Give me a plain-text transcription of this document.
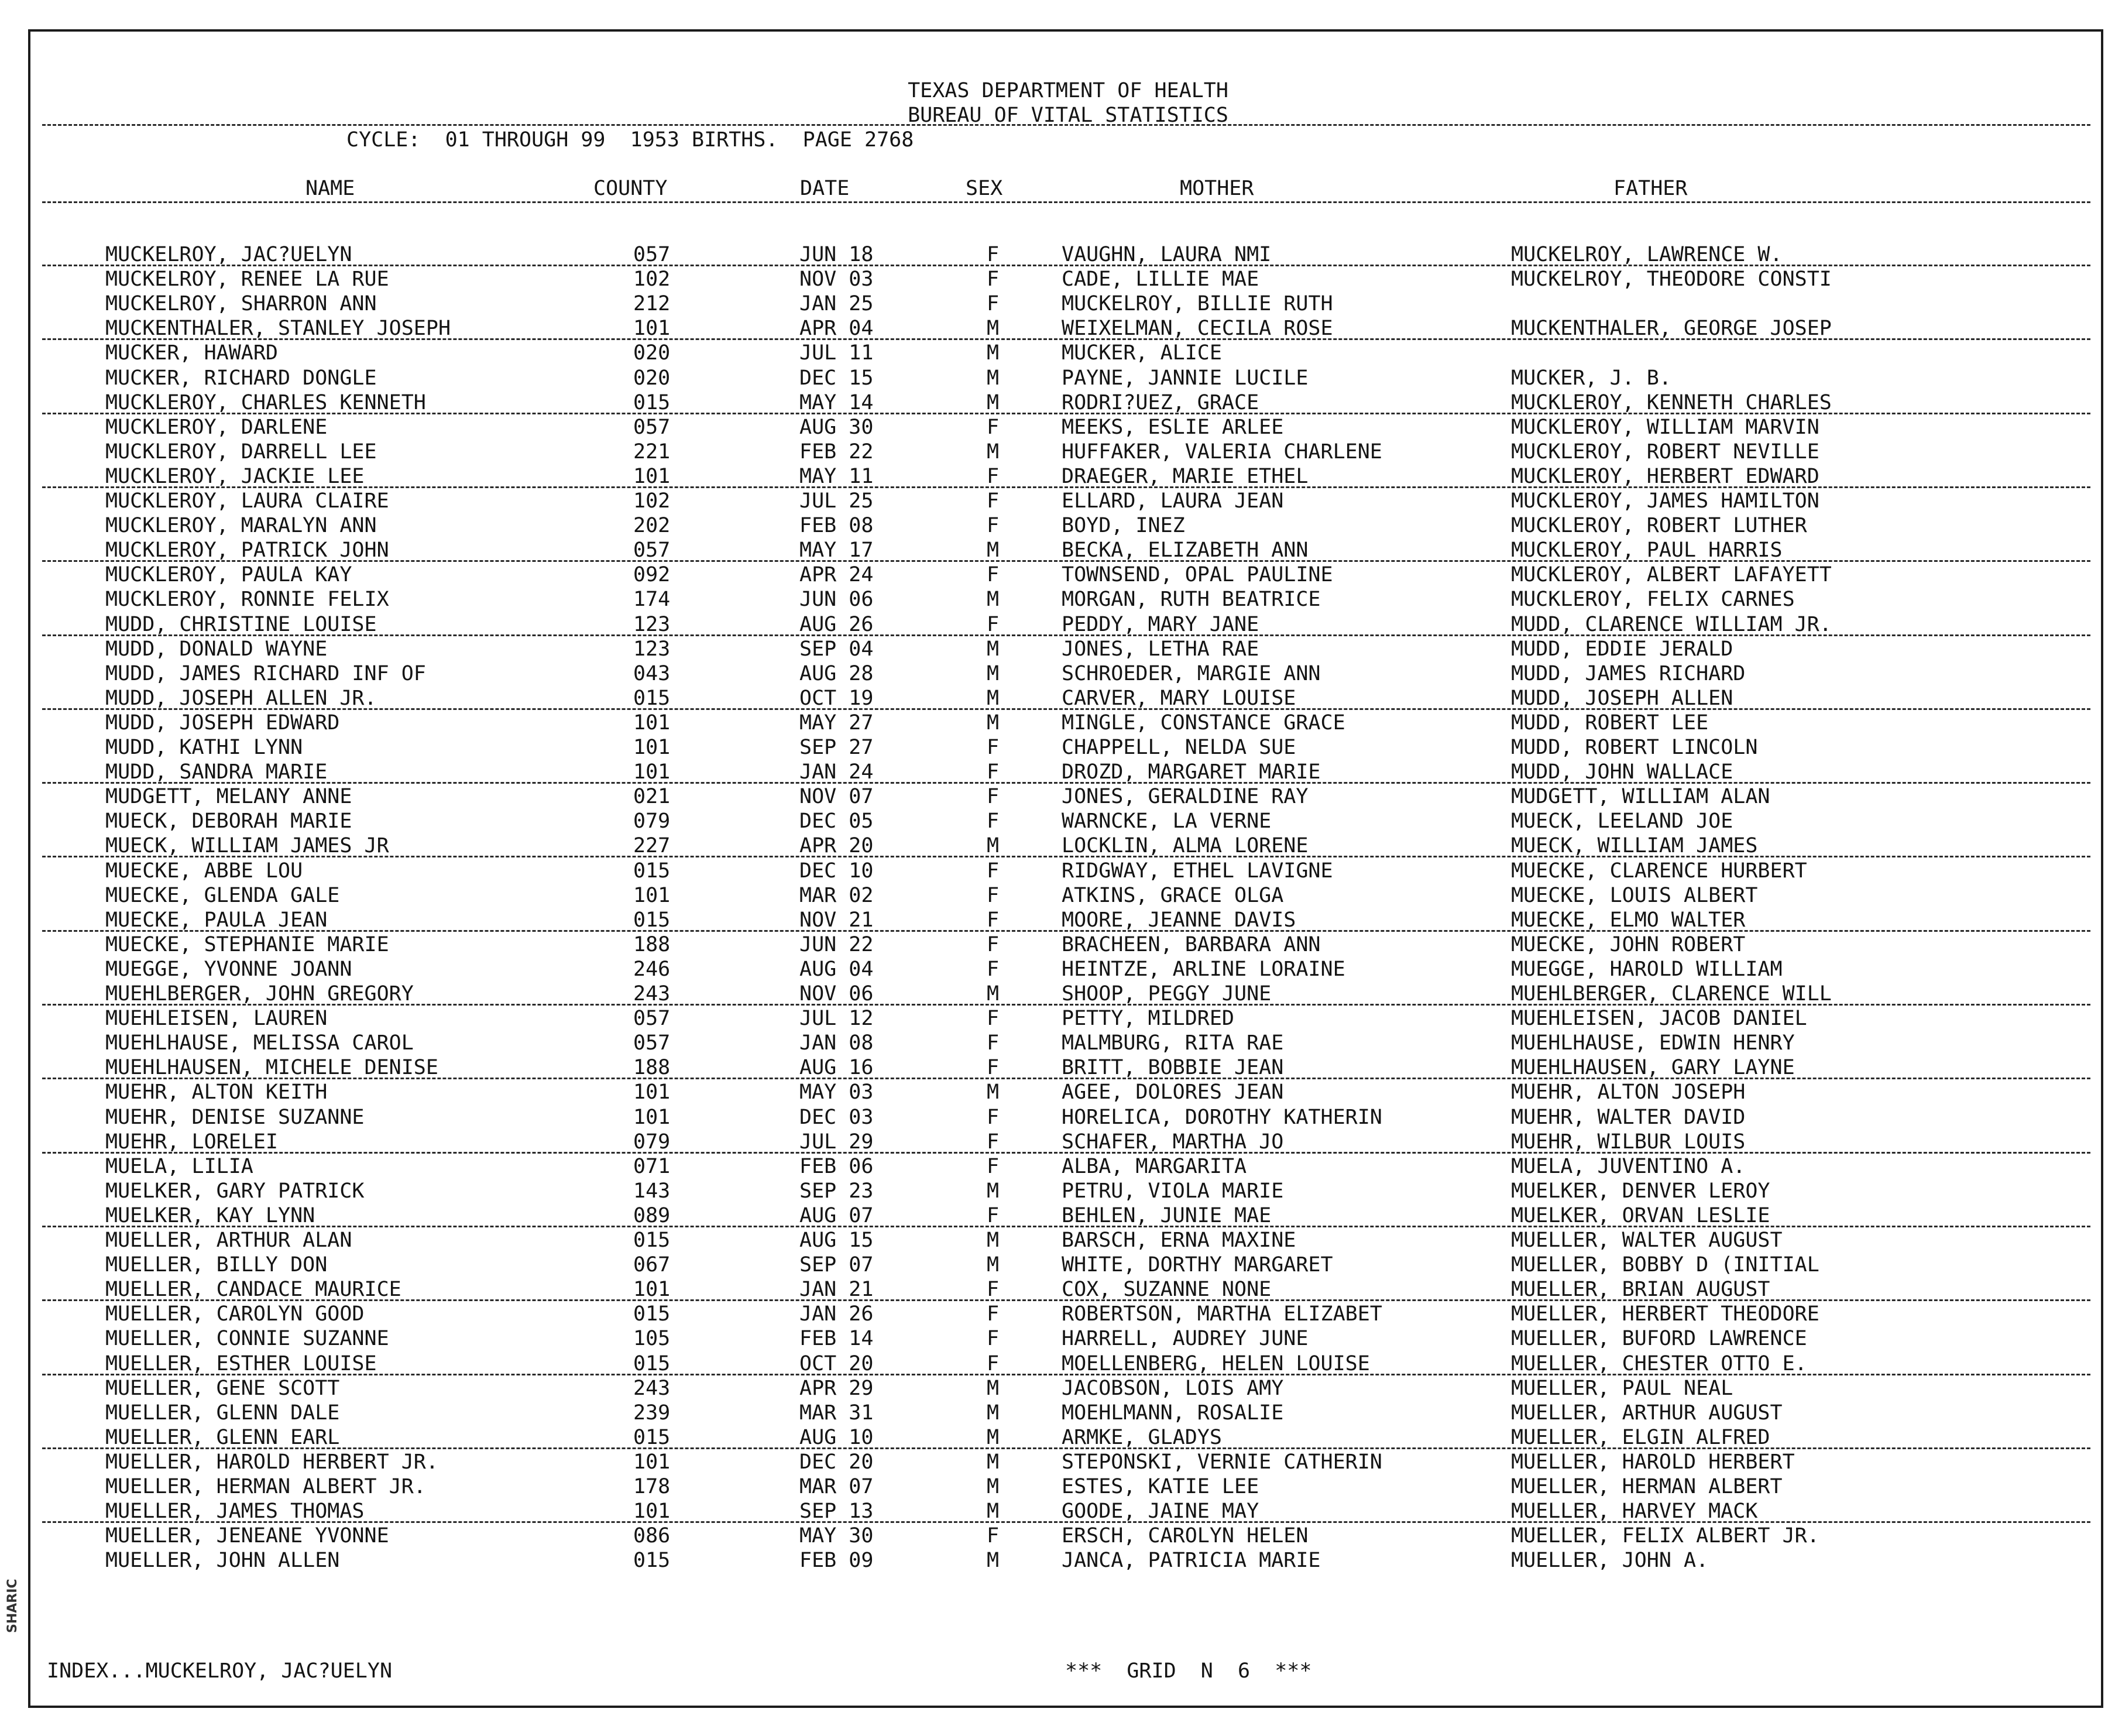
SHARIC
TEXAS DEPARTMENT OF HEALTH
BUREAU OF VITAL STATISTICS
CYCLE:  01 THROUGH 99  1953 BIRTHS.  PAGE 2768
NAME	COUNTY	DATE	SEX	MOTHER	FATHER
MUCKELROY, JAC?UELYN	057	JUN 18	F	VAUGHN, LAURA NMI	MUCKELROY, LAWRENCE W.
MUCKELROY, RENEE LA RUE	102	NOV 03	F	CADE, LILLIE MAE	MUCKELROY, THEODORE CONSTI
MUCKELROY, SHARRON ANN	212	JAN 25	F	MUCKELROY, BILLIE RUTH
MUCKENTHALER, STANLEY JOSEPH	101	APR 04	M	WEIXELMAN, CECILA ROSE	MUCKENTHALER, GEORGE JOSEP
MUCKER, HAWARD	020	JUL 11	M	MUCKER, ALICE
MUCKER, RICHARD DONGLE	020	DEC 15	M	PAYNE, JANNIE LUCILE	MUCKER, J. B.
MUCKLEROY, CHARLES KENNETH	015	MAY 14	M	RODRI?UEZ, GRACE	MUCKLEROY, KENNETH CHARLES
MUCKLEROY, DARLENE	057	AUG 30	F	MEEKS, ESLIE ARLEE	MUCKLEROY, WILLIAM MARVIN
MUCKLEROY, DARRELL LEE	221	FEB 22	M	HUFFAKER, VALERIA CHARLENE	MUCKLEROY, ROBERT NEVILLE
MUCKLEROY, JACKIE LEE	101	MAY 11	F	DRAEGER, MARIE ETHEL	MUCKLEROY, HERBERT EDWARD
MUCKLEROY, LAURA CLAIRE	102	JUL 25	F	ELLARD, LAURA JEAN	MUCKLEROY, JAMES HAMILTON
MUCKLEROY, MARALYN ANN	202	FEB 08	F	BOYD, INEZ	MUCKLEROY, ROBERT LUTHER
MUCKLEROY, PATRICK JOHN	057	MAY 17	M	BECKA, ELIZABETH ANN	MUCKLEROY, PAUL HARRIS
MUCKLEROY, PAULA KAY	092	APR 24	F	TOWNSEND, OPAL PAULINE	MUCKLEROY, ALBERT LAFAYETT
MUCKLEROY, RONNIE FELIX	174	JUN 06	M	MORGAN, RUTH BEATRICE	MUCKLEROY, FELIX CARNES
MUDD, CHRISTINE LOUISE	123	AUG 26	F	PEDDY, MARY JANE	MUDD, CLARENCE WILLIAM JR.
MUDD, DONALD WAYNE	123	SEP 04	M	JONES, LETHA RAE	MUDD, EDDIE JERALD
MUDD, JAMES RICHARD INF OF	043	AUG 28	M	SCHROEDER, MARGIE ANN	MUDD, JAMES RICHARD
MUDD, JOSEPH ALLEN JR.	015	OCT 19	M	CARVER, MARY LOUISE	MUDD, JOSEPH ALLEN
MUDD, JOSEPH EDWARD	101	MAY 27	M	MINGLE, CONSTANCE GRACE	MUDD, ROBERT LEE
MUDD, KATHI LYNN	101	SEP 27	F	CHAPPELL, NELDA SUE	MUDD, ROBERT LINCOLN
MUDD, SANDRA MARIE	101	JAN 24	F	DROZD, MARGARET MARIE	MUDD, JOHN WALLACE
MUDGETT, MELANY ANNE	021	NOV 07	F	JONES, GERALDINE RAY	MUDGETT, WILLIAM ALAN
MUECK, DEBORAH MARIE	079	DEC 05	F	WARNCKE, LA VERNE	MUECK, LEELAND JOE
MUECK, WILLIAM JAMES JR	227	APR 20	M	LOCKLIN, ALMA LORENE	MUECK, WILLIAM JAMES
MUECKE, ABBE LOU	015	DEC 10	F	RIDGWAY, ETHEL LAVIGNE	MUECKE, CLARENCE HURBERT
MUECKE, GLENDA GALE	101	MAR 02	F	ATKINS, GRACE OLGA	MUECKE, LOUIS ALBERT
MUECKE, PAULA JEAN	015	NOV 21	F	MOORE, JEANNE DAVIS	MUECKE, ELMO WALTER
MUECKE, STEPHANIE MARIE	188	JUN 22	F	BRACHEEN, BARBARA ANN	MUECKE, JOHN ROBERT
MUEGGE, YVONNE JOANN	246	AUG 04	F	HEINTZE, ARLINE LORAINE	MUEGGE, HAROLD WILLIAM
MUEHLBERGER, JOHN GREGORY	243	NOV 06	M	SHOOP, PEGGY JUNE	MUEHLBERGER, CLARENCE WILL
MUEHLEISEN, LAUREN	057	JUL 12	F	PETTY, MILDRED	MUEHLEISEN, JACOB DANIEL
MUEHLHAUSE, MELISSA CAROL	057	JAN 08	F	MALMBURG, RITA RAE	MUEHLHAUSE, EDWIN HENRY
MUEHLHAUSEN, MICHELE DENISE	188	AUG 16	F	BRITT, BOBBIE JEAN	MUEHLHAUSEN, GARY LAYNE
MUEHR, ALTON KEITH	101	MAY 03	M	AGEE, DOLORES JEAN	MUEHR, ALTON JOSEPH
MUEHR, DENISE SUZANNE	101	DEC 03	F	HORELICA, DOROTHY KATHERIN	MUEHR, WALTER DAVID
MUEHR, LORELEI	079	JUL 29	F	SCHAFER, MARTHA JO	MUEHR, WILBUR LOUIS
MUELA, LILIA	071	FEB 06	F	ALBA, MARGARITA	MUELA, JUVENTINO A.
MUELKER, GARY PATRICK	143	SEP 23	M	PETRU, VIOLA MARIE	MUELKER, DENVER LEROY
MUELKER, KAY LYNN	089	AUG 07	F	BEHLEN, JUNIE MAE	MUELKER, ORVAN LESLIE
MUELLER, ARTHUR ALAN	015	AUG 15	M	BARSCH, ERNA MAXINE	MUELLER, WALTER AUGUST
MUELLER, BILLY DON	067	SEP 07	M	WHITE, DORTHY MARGARET	MUELLER, BOBBY D (INITIAL
MUELLER, CANDACE MAURICE	101	JAN 21	F	COX, SUZANNE NONE	MUELLER, BRIAN AUGUST
MUELLER, CAROLYN GOOD	015	JAN 26	F	ROBERTSON, MARTHA ELIZABET	MUELLER, HERBERT THEODORE
MUELLER, CONNIE SUZANNE	105	FEB 14	F	HARRELL, AUDREY JUNE	MUELLER, BUFORD LAWRENCE
MUELLER, ESTHER LOUISE	015	OCT 20	F	MOELLENBERG, HELEN LOUISE	MUELLER, CHESTER OTTO E.
MUELLER, GENE SCOTT	243	APR 29	M	JACOBSON, LOIS AMY	MUELLER, PAUL NEAL
MUELLER, GLENN DALE	239	MAR 31	M	MOEHLMANN, ROSALIE	MUELLER, ARTHUR AUGUST
MUELLER, GLENN EARL	015	AUG 10	M	ARMKE, GLADYS	MUELLER, ELGIN ALFRED
MUELLER, HAROLD HERBERT JR.	101	DEC 20	M	STEPONSKI, VERNIE CATHERIN	MUELLER, HAROLD HERBERT
MUELLER, HERMAN ALBERT JR.	178	MAR 07	M	ESTES, KATIE LEE	MUELLER, HERMAN ALBERT
MUELLER, JAMES THOMAS	101	SEP 13	M	GOODE, JAINE MAY	MUELLER, HARVEY MACK
MUELLER, JENEANE YVONNE	086	MAY 30	F	ERSCH, CAROLYN HELEN	MUELLER, FELIX ALBERT JR.
MUELLER, JOHN ALLEN	015	FEB 09	M	JANCA, PATRICIA MARIE	MUELLER, JOHN A.
INDEX...MUCKELROY, JAC?UELYN	***  GRID  N  6  ***
